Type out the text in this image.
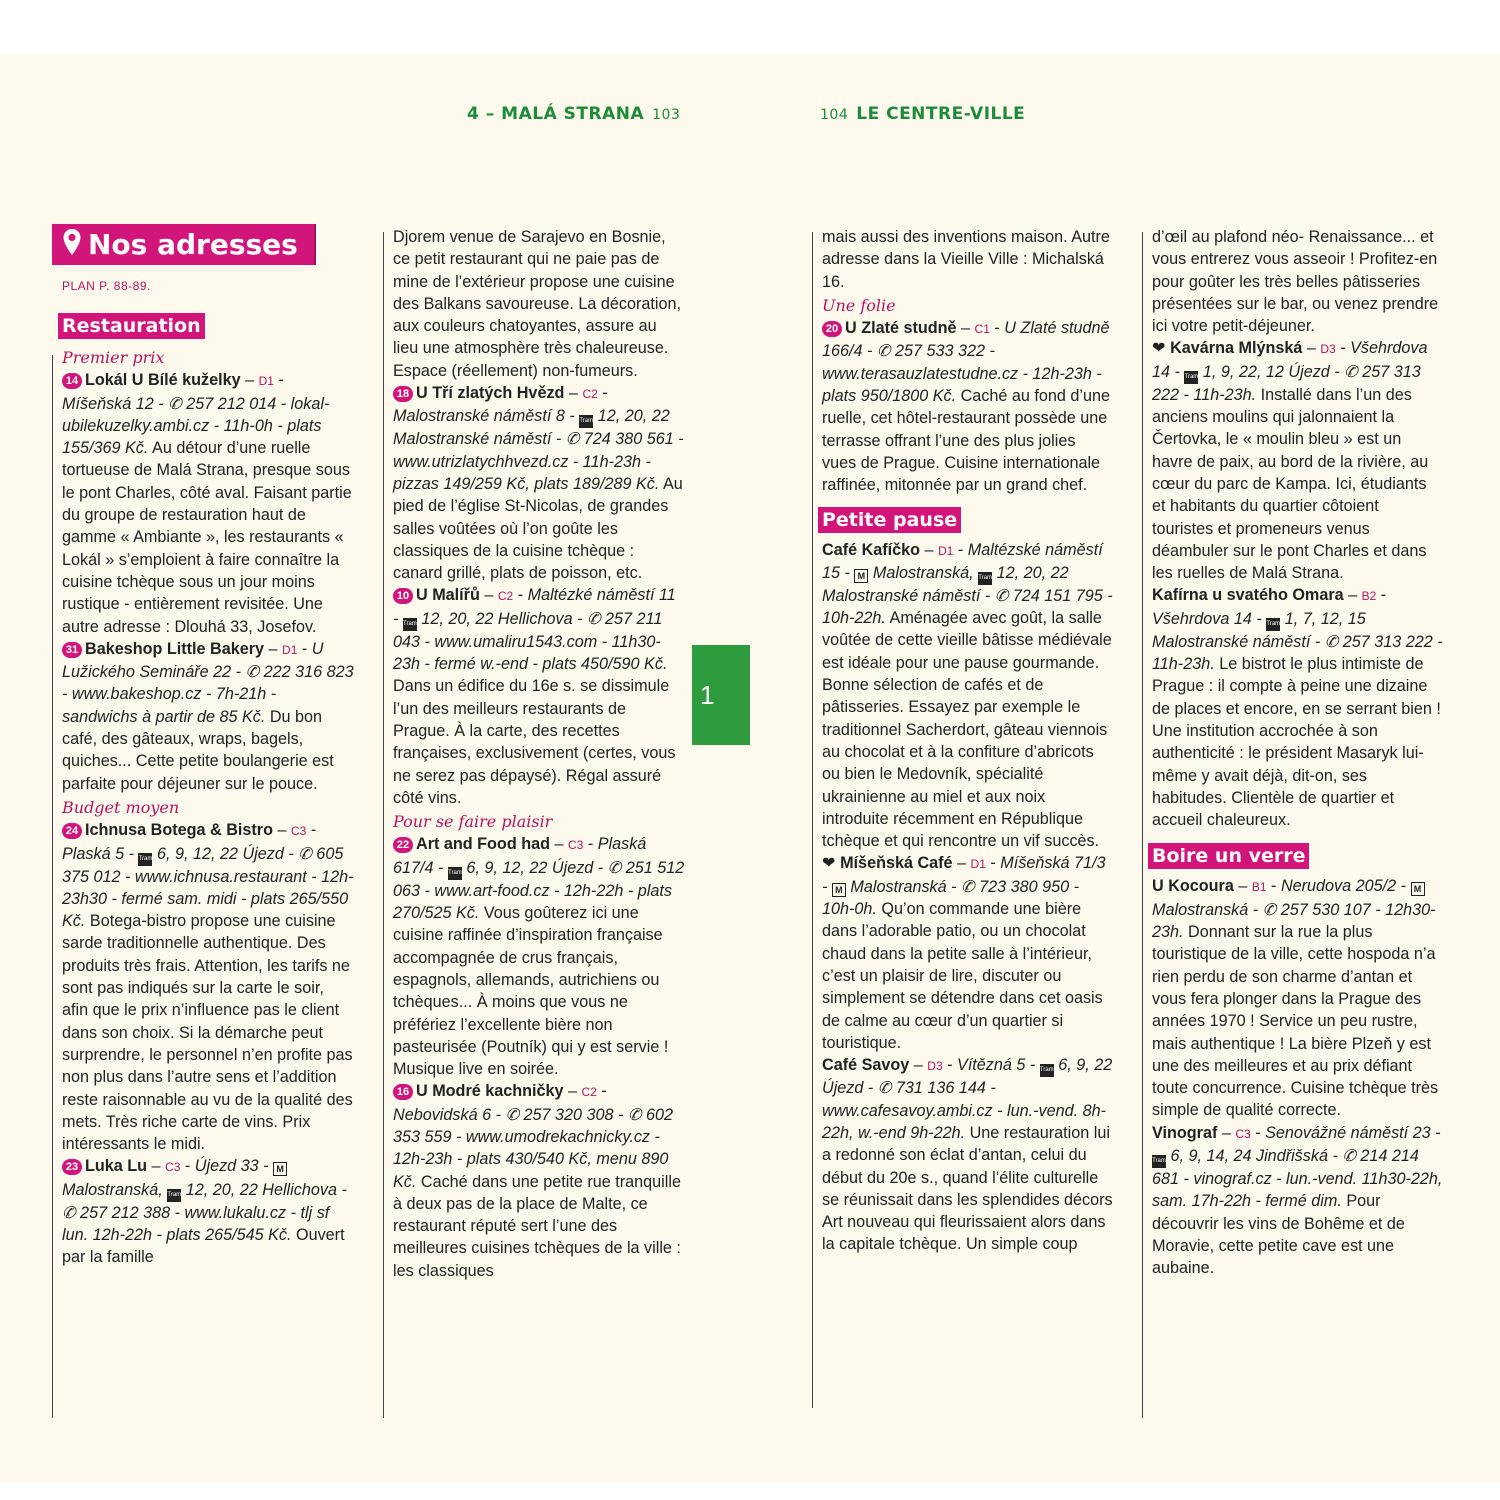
4 – MALÁ STRANA 103	104 LE CENTRE-VILLE
Nos adresses
PLAN P. 88-89.
1
Restauration
Premier prix

14 Lokál U Bílé kuželky – D1 - Míšeňská 12 - ✆ 257 212 014 - lokal-ubilekuzelky.ambi.cz - 11h-0h - plats 155/369 Kč. Au détour d’une ruelle tortueuse de Malá Strana, presque sous le pont Charles, côté aval. Faisant partie du groupe de restauration haut de gamme « Ambiante », les restaurants « Lokál » s’emploient à faire connaître la cuisine tchèque sous un jour moins rustique - entièrement revisitée. Une autre adresse : Dlouhá 33, Josefov.

31 Bakeshop Little Bakery – D1 - U Lužického Semináře 22 - ✆ 222 316 823 - www.bakeshop.cz - 7h-21h - sandwichs à partir de 85 Kč. Du bon café, des gâteaux, wraps, bagels, quiches... Cette petite boulangerie est parfaite pour déjeuner sur le pouce.

Budget moyen

24 Ichnusa Botega & Bistro – C3 - Plaská 5 - Tram 6, 9, 12, 22 Újezd - ✆ 605 375 012 - www.ichnusa.restaurant - 12h-23h30 - fermé sam. midi - plats 265/550 Kč. Botega-bistro propose une cuisine sarde traditionnelle authentique. Des produits très frais. Attention, les tarifs ne sont pas indiqués sur la carte le soir, afin que le prix n’influence pas le client dans son choix. Si la démarche peut surprendre, le personnel n’en profite pas non plus dans l’autre sens et l’addition reste raisonnable au vu de la qualité des mets. Très riche carte de vins. Prix intéressants le midi.

23 Luka Lu – C3 - Újezd 33 - M Malostranská, Tram 12, 20, 22 Hellichova - ✆ 257 212 388 - www.lukalu.cz - tlj sf lun. 12h-22h - plats 265/545 Kč. Ouvert par la famille

Djorem venue de Sarajevo en Bosnie, ce petit restaurant qui ne paie pas de mine de l’extérieur propose une cuisine des Balkans savoureuse. La décoration, aux couleurs chatoyantes, assure au lieu une atmosphère très chaleureuse. Espace (réellement) non-fumeurs.

18 U Tří zlatých Hvězd – C2 - Malostranské náměstí 8 - Tram 12, 20, 22 Malostranské náměstí - ✆ 724 380 561 - www.utrizlatychhvezd.cz - 11h-23h - pizzas 149/259 Kč, plats 189/289 Kč. Au pied de l’église St-Nicolas, de grandes salles voûtées où l’on goûte les classiques de la cuisine tchèque : canard grillé, plats de poisson, etc.

10 U Malířů – C2 - Maltézké náměstí 11 - Tram 12, 20, 22 Hellichova - ✆ 257 211 043 - www.umaliru1543.com - 11h30-23h - fermé w.-end - plats 450/590 Kč. Dans un édifice du 16e s. se dissimule l’un des meilleurs restaurants de Prague. À la carte, des recettes françaises, exclusivement (certes, vous ne serez pas dépaysé). Régal assuré côté vins.

Pour se faire plaisir

22 Art and Food had – C3 - Plaská 617/4 - Tram 6, 9, 12, 22 Újezd - ✆ 251 512 063 - www.art-food.cz - 12h-22h - plats 270/525 Kč. Vous goûterez ici une cuisine raffinée d’inspiration française accompagnée de crus français, espagnols, allemands, autrichiens ou tchèques... À moins que vous ne préfériez l’excellente bière non pasteurisée (Poutník) qui y est servie ! Musique live en soirée.

16 U Modré kachničky – C2 - Nebovidská 6 - ✆ 257 320 308 - ✆ 602 353 559 - www.umodrekachnicky.cz - 12h-23h - plats 430/540 Kč, menu 890 Kč. Caché dans une petite rue tranquille à deux pas de la place de Malte, ce restaurant réputé sert l’une des meilleures cuisines tchèques de la ville : les classiques

mais aussi des inventions maison. Autre adresse dans la Vieille Ville : Michalská 16.

Une folie

20 U Zlaté studně – C1 - U Zlaté studně 166/4 - ✆ 257 533 322 - www.terasauzlatestudne.cz - 12h-23h - plats 950/1800 Kč. Caché au fond d’une ruelle, cet hôtel-restaurant possède une terrasse offrant l’une des plus jolies vues de Prague. Cuisine internationale raffinée, mitonnée par un grand chef.

Petite pause

Café Kafíčko – D1 - Maltézské náměstí 15 - M Malostranská, Tram 12, 20, 22 Malostranské náměstí - ✆ 724 151 795 - 10h-22h. Aménagée avec goût, la salle voûtée de cette vieille bâtisse médiévale est idéale pour une pause gourmande. Bonne sélection de cafés et de pâtisseries. Essayez par exemple le traditionnel Sacherdort, gâteau viennois au chocolat et à la confiture d’abricots ou bien le Medovník, spécialité ukrainienne au miel et aux noix introduite récemment en République tchèque et qui rencontre un vif succès.

❤ Míšeňská Café – D1 - Míšeňská 71/3 - M Malostranská - ✆ 723 380 950 - 10h-0h. Qu’on commande une bière dans l’adorable patio, ou un chocolat chaud dans la petite salle à l’intérieur, c’est un plaisir de lire, discuter ou simplement se détendre dans cet oasis de calme au cœur d’un quartier si touristique.

Café Savoy – D3 - Vítězná 5 - Tram 6, 9, 22 Újezd - ✆ 731 136 144 - www.cafesavoy.ambi.cz - lun.-vend. 8h-22h, w.-end 9h-22h. Une restauration lui a redonné son éclat d’antan, celui du début du 20e s., quand l’élite culturelle se réunissait dans les splendides décors Art nouveau qui fleurissaient alors dans la capitale tchèque. Un simple coup

d’œil au plafond néo- Renaissance... et vous entrerez vous asseoir ! Profitez-en pour goûter les très belles pâtisseries présentées sur le bar, ou venez prendre ici votre petit-déjeuner.

❤ Kavárna Mlýnská – D3 - Všehrdova 14 - Tram 1, 9, 22, 12 Újezd - ✆ 257 313 222 - 11h-23h. Installé dans l’un des anciens moulins qui jalonnaient la Čertovka, le « moulin bleu » est un havre de paix, au bord de la rivière, au cœur du parc de Kampa. Ici, étudiants et habitants du quartier côtoient touristes et promeneurs venus déambuler sur le pont Charles et dans les ruelles de Malá Strana.

Kafírna u svatého Omara – B2 - Všehrdova 14 - Tram 1, 7, 12, 15 Malostranské náměstí - ✆ 257 313 222 - 11h-23h. Le bistrot le plus intimiste de Prague : il compte à peine une dizaine de places et encore, en se serrant bien ! Une institution accrochée à son authenticité : le président Masaryk lui-même y avait déjà, dit-on, ses habitudes. Clientèle de quartier et accueil chaleureux.

Boire un verre

U Kocoura – B1 - Nerudova 205/2 - M Malostranská - ✆ 257 530 107 - 12h30-23h. Donnant sur la rue la plus touristique de la ville, cette hospoda n’a rien perdu de son charme d’antan et vous fera plonger dans la Prague des années 1970 ! Service un peu rustre, mais authentique ! La bière Plzeň y est une des meilleures et au prix défiant toute concurrence. Cuisine tchèque très simple de qualité correcte.

Vinograf – C3 - Senovážné náměstí 23 - Tram 6, 9, 14, 24 Jindřišská - ✆ 214 214 681 - vinograf.cz - lun.-vend. 11h30-22h, sam. 17h-22h - fermé dim. Pour découvrir les vins de Bohême et de Moravie, cette petite cave est une aubaine.
